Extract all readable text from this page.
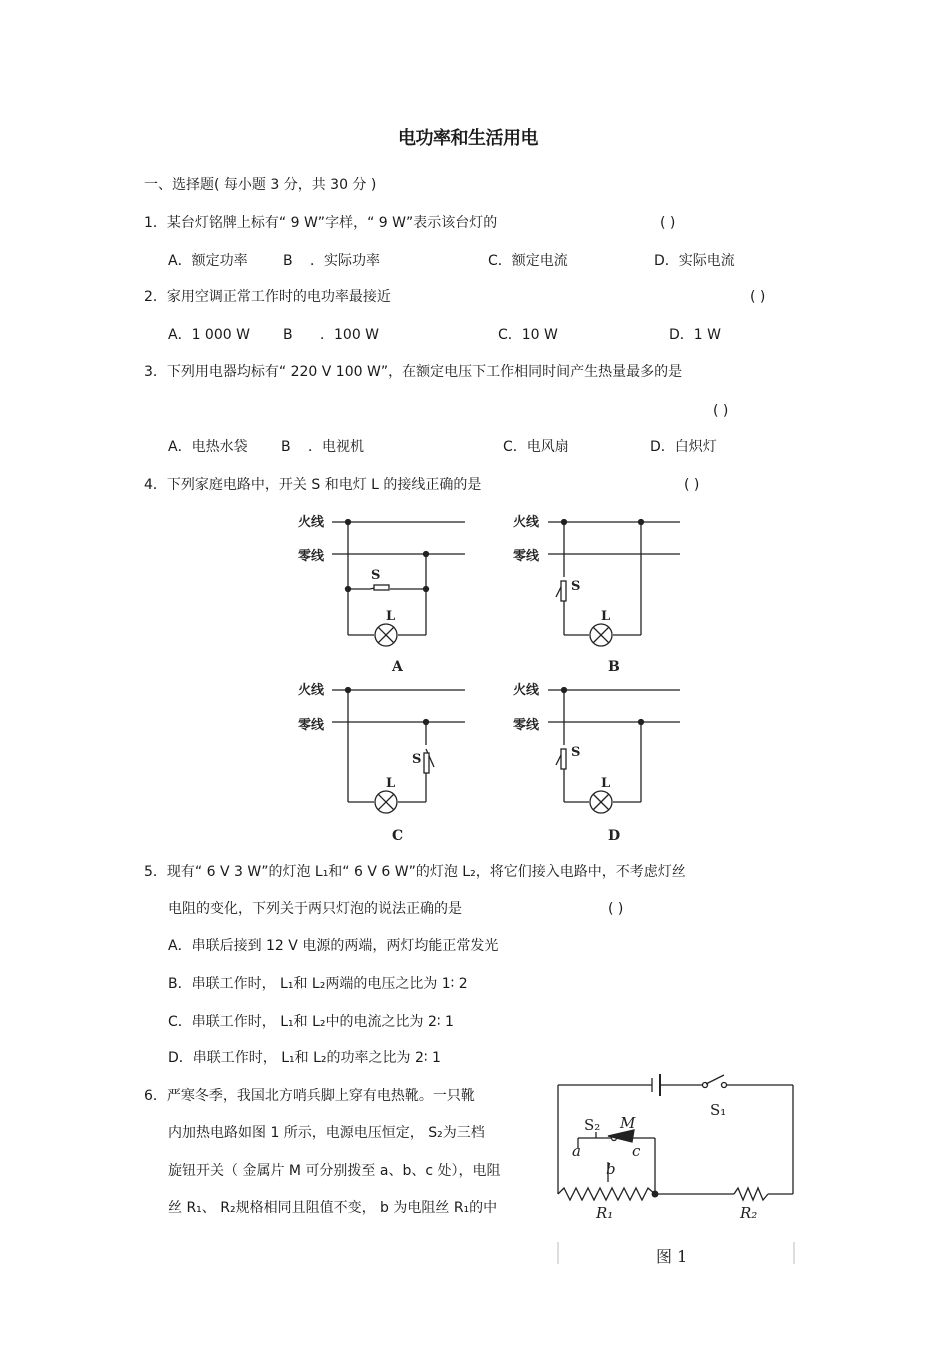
电功率和生活用电
一、选择题( 每小题 3 分，共 30 分 )
1．某台灯铭牌上标有“ 9 W”字样，“ 9 W”表示该台灯的	( )
A．额定功率	B ．实际功率	C．额定电流	D．实际电流
2．家用空调正常工作时的电功率最接近	( )
A．1 000 W B ．100 W	C．10 W	D．1 W
3．下列用电器均标有“ 220 V 100 W”，在额定电压下工作相同时间产生热量最多的是
( )
A．电热水袋 B ．电视机	C．电风扇	D．白炽灯
4．下列家庭电路中，开关 S 和电灯 L 的接线正确的是	( )
火线
零线
S
L
A
火线
零线
S
L
B
火线
零线
S
L
C
火线
零线
S
L
D
5．现有“ 6 V 3 W”的灯泡 L₁和“ 6 V 6 W”的灯泡 L₂，将它们接入电路中，不考虑灯丝
电阻的变化，下列关于两只灯泡的说法正确的是	( )
A．串联后接到 12 V 电源的两端，两灯均能正常发光
B．串联工作时， L₁和 L₂两端的电压之比为 1∶ 2
C．串联工作时， L₁和 L₂中的电流之比为 2∶ 1
D．串联工作时， L₁和 L₂的功率之比为 2∶ 1
6．严寒冬季，我国北方哨兵脚上穿有电热靴。一只靴
内加热电路如图 1 所示，电源电压恒定， S₂为三档
旋钮开关（ 金属片 M 可分别拨至 a、b、c 处），电阻
丝 R₁、 R₂规格相同且阻值不变， b 为电阻丝 R₁的中
S₁
S₂ M
a	c
b
R₁	R₂
图 1
